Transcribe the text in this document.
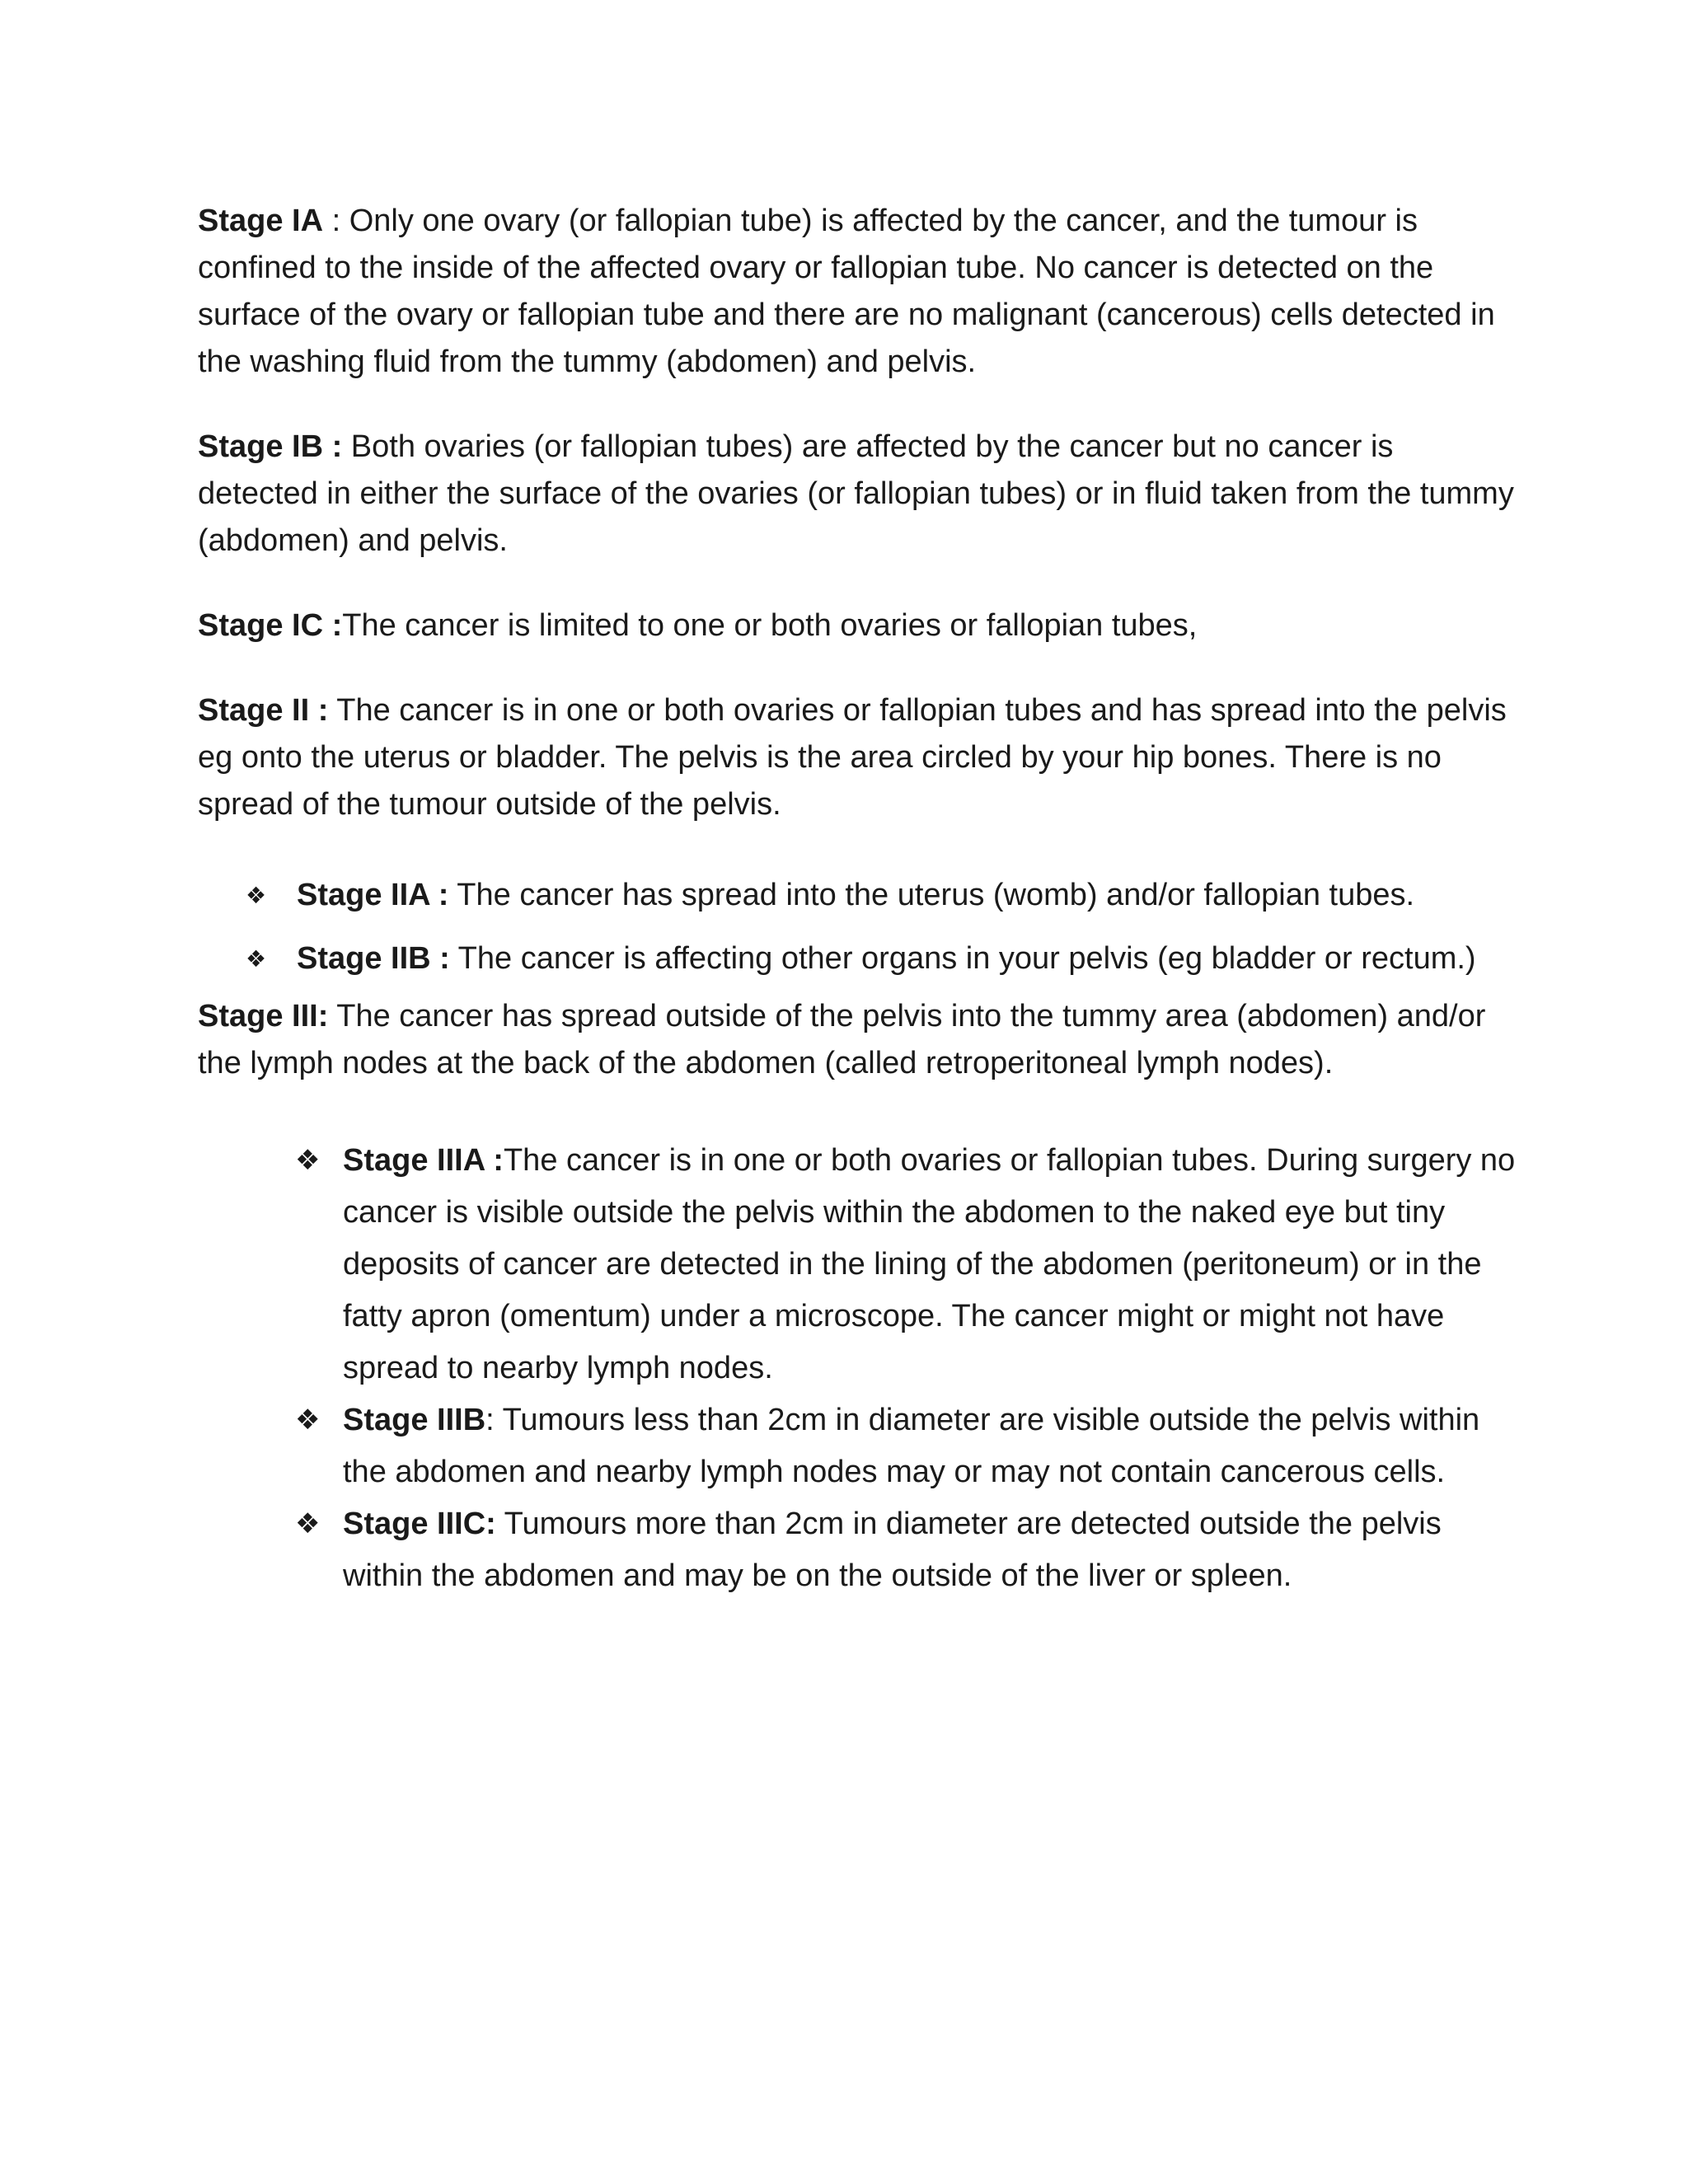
Stage IA : Only one ovary (or fallopian tube) is affected by the cancer, and the tumour is confined to the inside of the affected ovary or fallopian tube. No cancer is detected on the surface of the ovary or fallopian tube and there are no malignant (cancerous) cells detected in the washing fluid from the tummy (abdomen) and pelvis.

Stage IB : Both ovaries (or fallopian tubes) are affected by the cancer but no cancer is detected in either the surface of the ovaries (or fallopian tubes) or in fluid taken from the tummy (abdomen) and pelvis.

Stage IC :The cancer is limited to one or both ovaries or fallopian tubes,

Stage II : The cancer is in one or both ovaries or fallopian tubes and has spread into the pelvis eg onto the uterus or bladder. The pelvis is the area circled by your hip bones. There is no spread of the tumour outside of the pelvis.

❖ Stage IIA : The cancer has spread into the uterus (womb) and/or fallopian tubes.
❖ Stage IIB : The cancer is affecting other organs in your pelvis (eg bladder or rectum.)

Stage III: The cancer has spread outside of the pelvis into the tummy area (abdomen) and/or the lymph nodes at the back of the abdomen (called retroperitoneal lymph nodes).

❖ Stage IIIA :The cancer is in one or both ovaries or fallopian tubes. During surgery no cancer is visible outside the pelvis within the abdomen to the naked eye but tiny deposits of cancer are detected in the lining of the abdomen (peritoneum) or in the fatty apron (omentum) under a microscope. The cancer might or might not have spread to nearby lymph nodes.
❖ Stage IIIB: Tumours less than 2cm in diameter are visible outside the pelvis within the abdomen and nearby lymph nodes may or may not contain cancerous cells.
❖ Stage IIIC: Tumours more than 2cm in diameter are detected outside the pelvis within the abdomen and may be on the outside of the liver or spleen.
